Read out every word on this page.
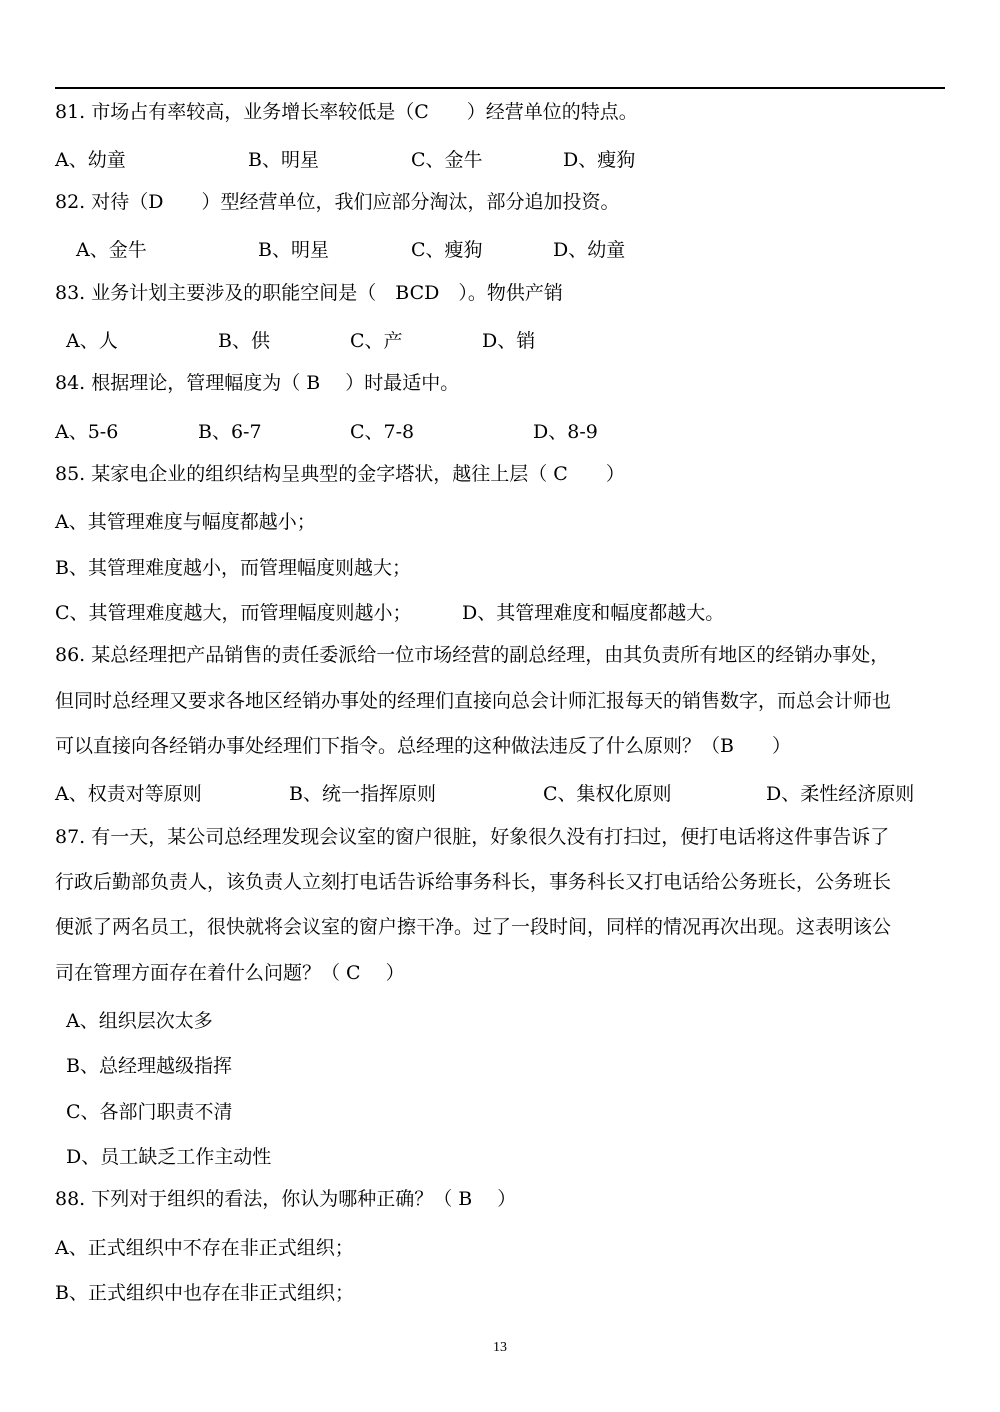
81. 市场占有率较高，业务增长率较低是（C　　）经营单位的特点。
A、幼童	B、明星	C、金牛	D、瘦狗
82. 对待（D　　）型经营单位，我们应部分淘汰，部分追加投资。
A、金牛	B、明星	C、瘦狗	D、幼童
83. 业务计划主要涉及的职能空间是（　BCD　）。物供产销
A、人	B、供	C、产	D、销
84. 根据理论，管理幅度为（ B　 ）时最适中。
A、5-6	B、6-7	C、7-8	D、8-9
85. 某家电企业的组织结构呈典型的金字塔状，越往上层（ C　　）
A、其管理难度与幅度都越小；
B、其管理难度越小，而管理幅度则越大；
C、其管理难度越大，而管理幅度则越小；	D、其管理难度和幅度都越大。
86. 某总经理把产品销售的责任委派给一位市场经营的副总经理，由其负责所有地区的经销办事处，
但同时总经理又要求各地区经销办事处的经理们直接向总会计师汇报每天的销售数字，而总会计师也
可以直接向各经销办事处经理们下指令。总经理的这种做法违反了什么原则？（B　　）
A、权责对等原则	B、统一指挥原则	C、集权化原则	D、柔性经济原则
87. 有一天，某公司总经理发现会议室的窗户很脏，好象很久没有打扫过，便打电话将这件事告诉了
行政后勤部负责人，该负责人立刻打电话告诉给事务科长，事务科长又打电话给公务班长，公务班长
便派了两名员工，很快就将会议室的窗户擦干净。过了一段时间，同样的情况再次出现。这表明该公
司在管理方面存在着什么问题？（ C　 ）
A、组织层次太多
B、总经理越级指挥
C、各部门职责不清
D、员工缺乏工作主动性
88. 下列对于组织的看法，你认为哪种正确？（ B　 ）
A、正式组织中不存在非正式组织；
B、正式组织中也存在非正式组织；
13
